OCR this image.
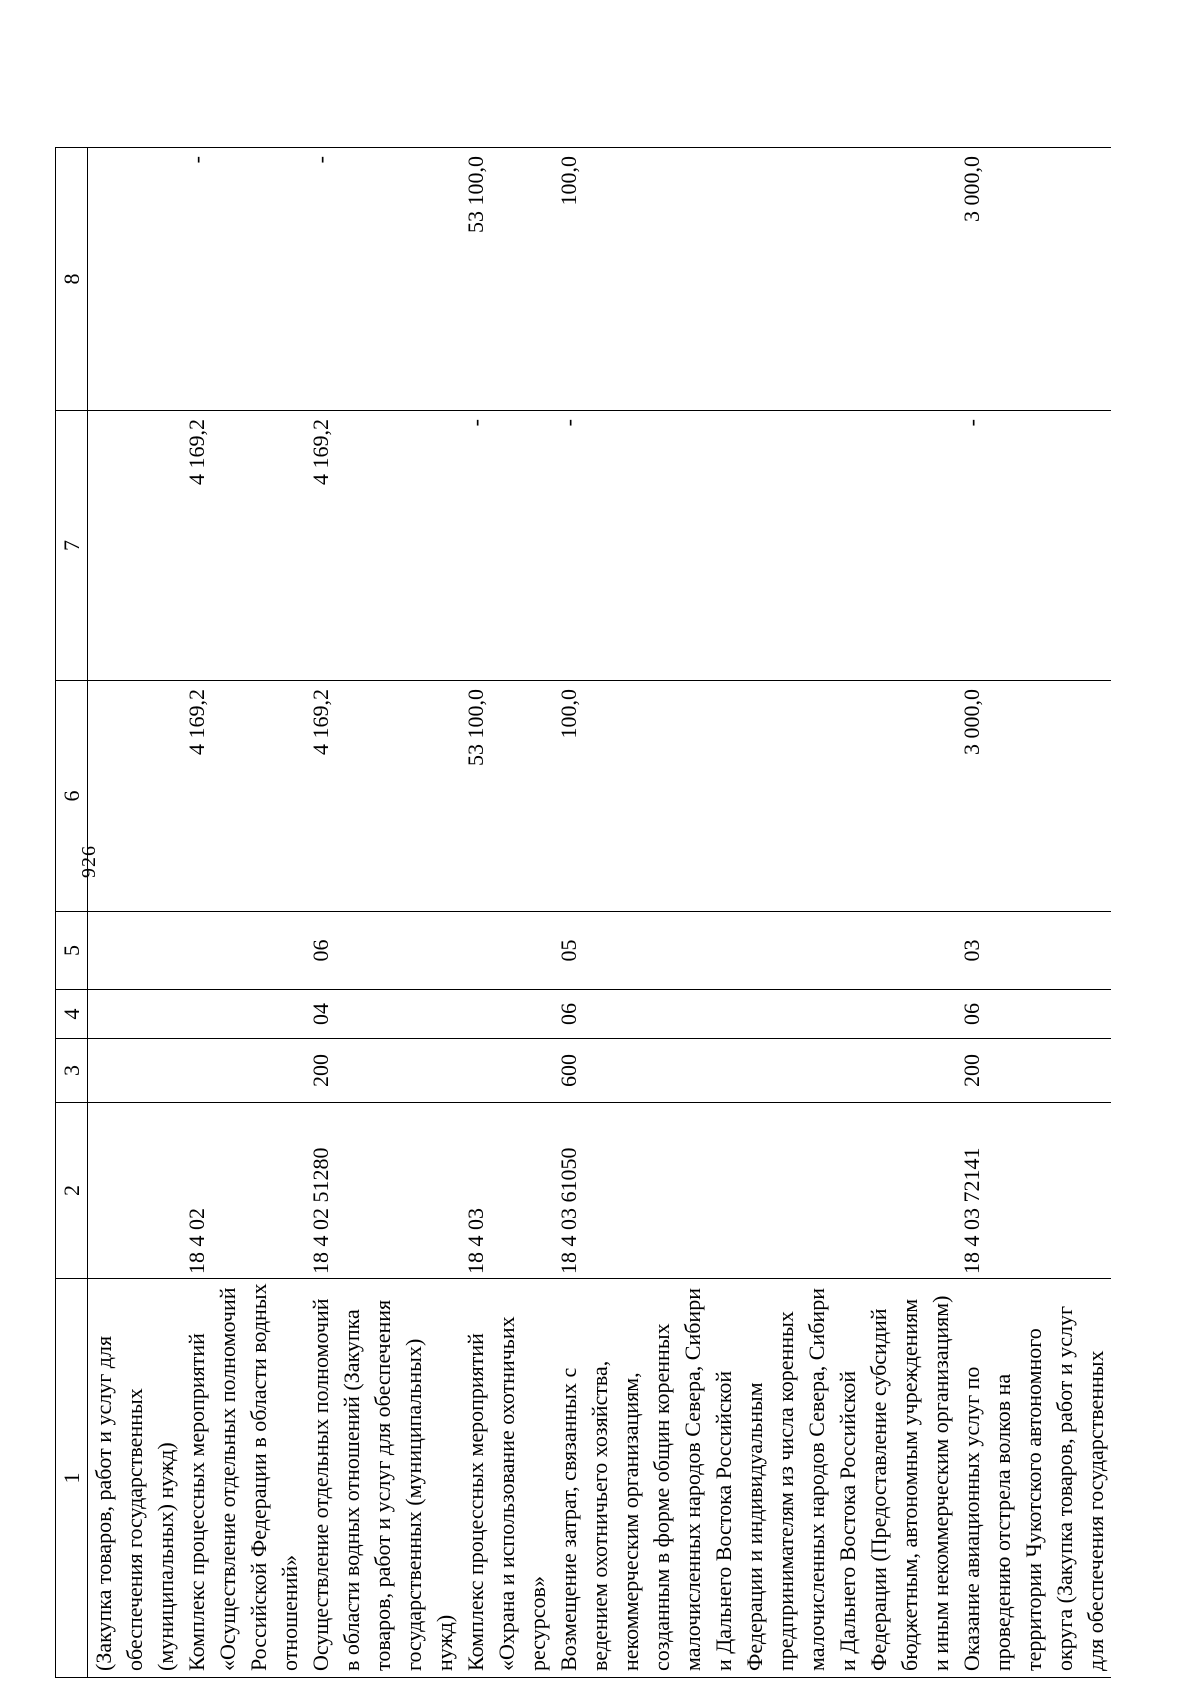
926
1	2	3	4	5	6	7	8
(Закупка товаров, работ и услуг для обеспечения государственных (муниципальных) нужд)							
Комплекс процессных мероприятий «Осуществление отдельных полномочий Российской Федерации в области водных отношений»	18 4 02				4 169,2	4 169,2	-
Осуществление отдельных полномочий в области водных отношений (Закупка товаров, работ и услуг для обеспечения государственных (муниципальных) нужд)	18 4 02 51280	200	04	06	4 169,2	4 169,2	-
Комплекс процессных мероприятий «Охрана и использование охотничьих ресурсов»	18 4 03				53 100,0	-	53 100,0
Возмещение затрат, связанных с ведением охотничьего хозяйства, некоммерческим организациям, созданным в форме общин коренных малочисленных народов Севера, Сибири и Дальнего Востока Российской Федерации и индивидуальным предпринимателям из числа коренных малочисленных народов Севера, Сибири и Дальнего Востока Российской Федерации (Предоставление субсидий бюджетным, автономным учреждениям и иным некоммерческим организациям)	18 4 03 61050	600	06	05	100,0	-	100,0
Оказание авиационных услуг по проведению отстрела волков на территории Чукотского автономного округа (Закупка товаров, работ и услуг для обеспечения государственных	18 4 03 72141	200	06	03	3 000,0	-	3 000,0
